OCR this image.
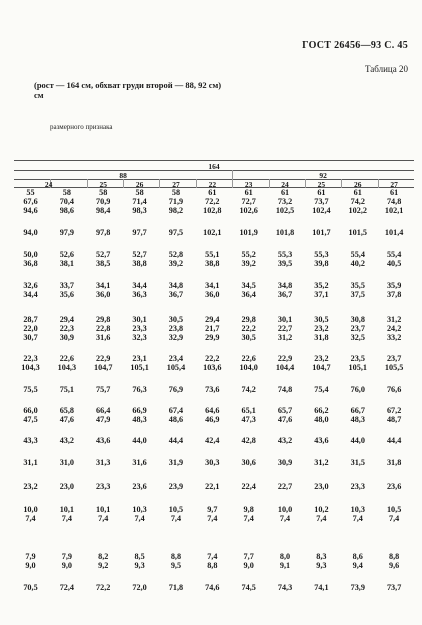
ГОСТ 26456—93 С. 45
Таблица 20
(рост — 164 см, обхват груди второй — 88, 92 см)
см
размерного признака
164
88	92
24	25	26	27	22	23	24	25	26	27
55	58	58	58	58	61	61	61	61	61	61
67,6	70,4	70,9	71,4	71,9	72,2	72,7	73,2	73,7	74,2	74,8
94,6	98,6	98,4	98,3	98,2	102,8	102,6	102,5	102,4	102,2	102,1
94,0	97,9	97,8	97,7	97,5	102,1	101,9	101,8	101,7	101,5	101,4
50,0	52,6	52,7	52,7	52,8	55,1	55,2	55,3	55,3	55,4	55,4
36,8	38,1	38,5	38,8	39,2	38,8	39,2	39,5	39,8	40,2	40,5
32,6	33,7	34,1	34,4	34,8	34,1	34,5	34,8	35,2	35,5	35,9
34,4	35,6	36,0	36,3	36,7	36,0	36,4	36,7	37,1	37,5	37,8
28,7	29,4	29,8	30,1	30,5	29,4	29,8	30,1	30,5	30,8	31,2
22,0	22,3	22,8	23,3	23,8	21,7	22,2	22,7	23,2	23,7	24,2
30,7	30,9	31,6	32,3	32,9	29,9	30,5	31,2	31,8	32,5	33,2
22,3	22,6	22,9	23,1	23,4	22,2	22,6	22,9	23,2	23,5	23,7
104,3	104,3	104,7	105,1	105,4	103,6	104,0	104,4	104,7	105,1	105,5
75,5	75,1	75,7	76,3	76,9	73,6	74,2	74,8	75,4	76,0	76,6
66,0	65,8	66,4	66,9	67,4	64,6	65,1	65,7	66,2	66,7	67,2
47,5	47,6	47,9	48,3	48,6	46,9	47,3	47,6	48,0	48,3	48,7
43,3	43,2	43,6	44,0	44,4	42,4	42,8	43,2	43,6	44,0	44,4
31,1	31,0	31,3	31,6	31,9	30,3	30,6	30,9	31,2	31,5	31,8
23,2	23,0	23,3	23,6	23,9	22,1	22,4	22,7	23,0	23,3	23,6
10,0	10,1	10,1	10,3	10,5	9,7	9,8	10,0	10,2	10,3	10,5
7,4	7,4	7,4	7,4	7,4	7,4	7,4	7,4	7,4	7,4	7,4
7,9	7,9	8,2	8,5	8,8	7,4	7,7	8,0	8,3	8,6	8,8
9,0	9,0	9,2	9,3	9,5	8,8	9,0	9,1	9,3	9,4	9,6
70,5	72,4	72,2	72,0	71,8	74,6	74,5	74,3	74,1	73,9	73,7
